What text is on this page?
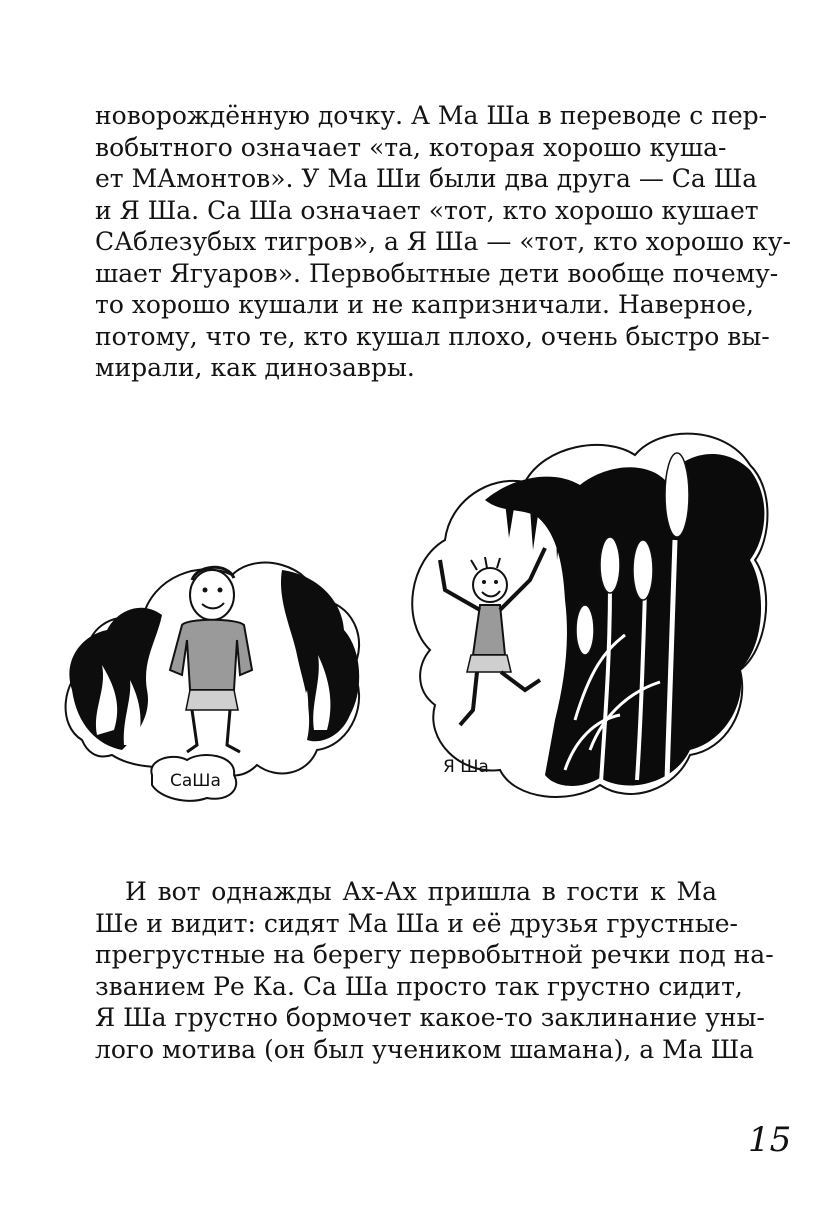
новорождённую дочку. А Ма Ша в переводе с пер-
вобытного означает «та, которая хорошо куша-
ет МАмонтов». У Ма Ши были два друга — Са Ша
и Я Ша. Са Ша означает «тот, кто хорошо кушает
САблезубых тигров», а Я Ша — «тот, кто хорошо ку-
шает Ягуаров». Первобытные дети вообще почему-
то хорошо кушали и не капризничали. Наверное,
потому, что те, кто кушал плохо, очень быстро вы-
мирали, как динозавры.
СаШа
Я Ша
И вот однажды Ах-Ах пришла в гости к Ма
Ше и видит: сидят Ма Ша и её друзья грустные-
прегрустные на берегу первобытной речки под на-
званием Ре Ка. Са Ша просто так грустно сидит,
Я Ша грустно бормочет какое-то заклинание уны-
лого мотива (он был учеником шамана), а Ма Ша
15
